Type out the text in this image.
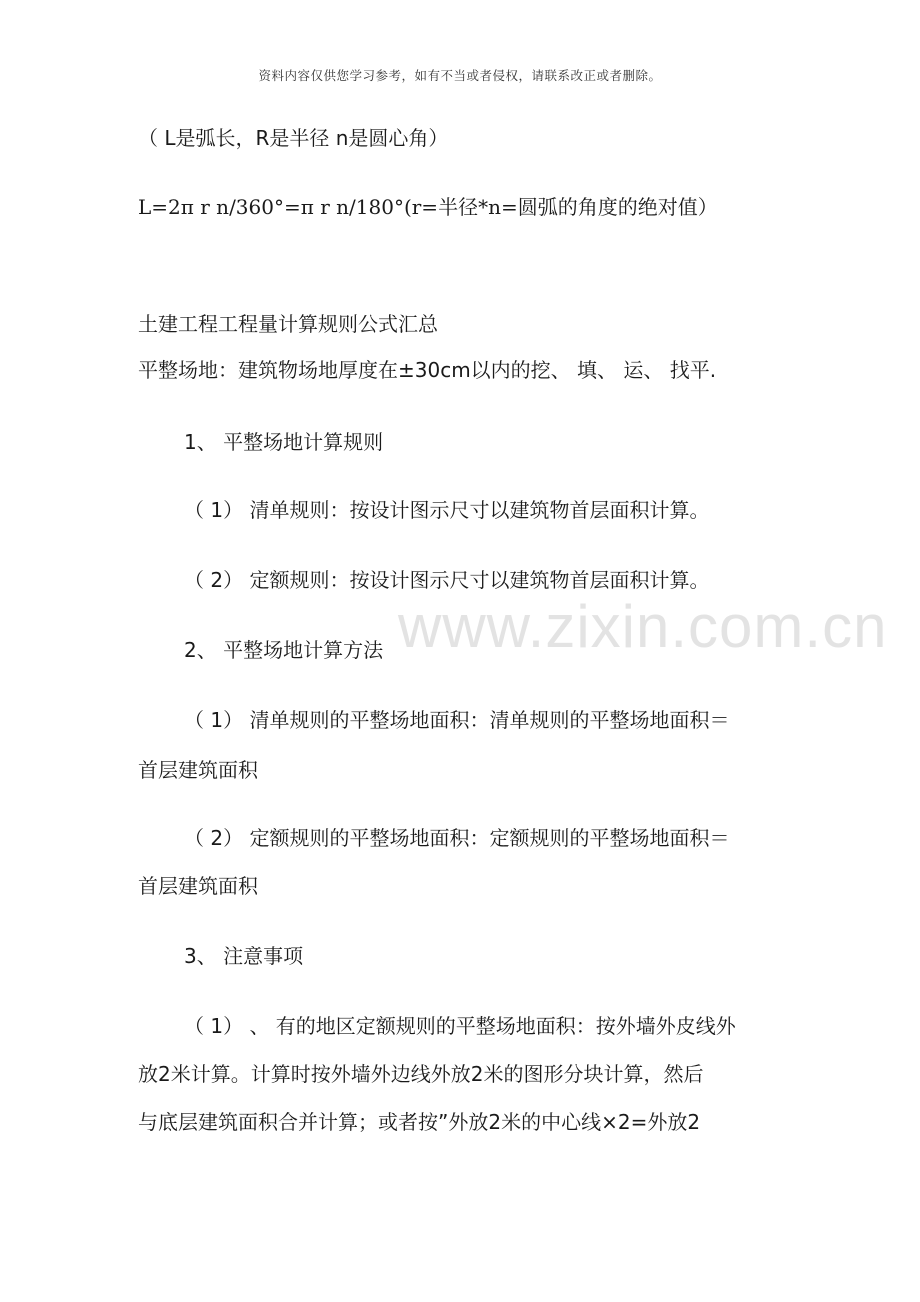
www.zixin.com.cn
资料内容仅供您学习参考，如有不当或者侵权，请联系改正或者删除。
（ L是弧长，R是半径 n是圆心角）
L=2π r n/360°=π r n/180°(r=半径*n=圆弧的角度的绝对值）
土建工程工程量计算规则公式汇总
平整场地：建筑物场地厚度在±30cm以内的挖、 填、 运、 找平.
1、 平整场地计算规则
（ 1） 清单规则：按设计图示尺寸以建筑物首层面积计算。
（ 2） 定额规则：按设计图示尺寸以建筑物首层面积计算。
2、 平整场地计算方法
（ 1） 清单规则的平整场地面积：清单规则的平整场地面积＝
首层建筑面积
（ 2） 定额规则的平整场地面积：定额规则的平整场地面积＝
首层建筑面积
3、 注意事项
（ 1） 、 有的地区定额规则的平整场地面积：按外墙外皮线外
放2米计算。计算时按外墙外边线外放2米的图形分块计算，然后
与底层建筑面积合并计算；或者按”外放2米的中心线×2=外放2
